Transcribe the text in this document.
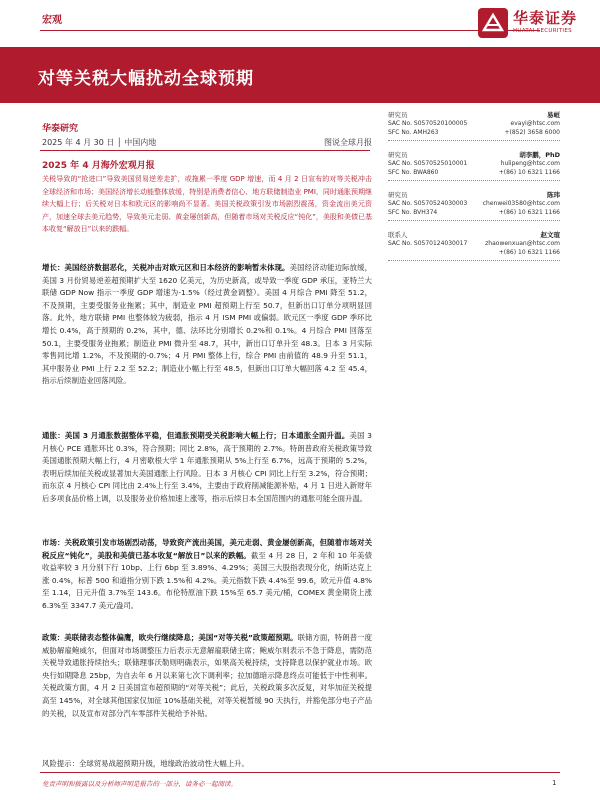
宏观	华泰证券
HUATAI SECURITIES
对等关税大幅扰动全球预期
华泰研究
2025 年 4 月 30 日 │ 中国内地	图说全球月报
2025 年 4 月海外宏观月报
关税导致的“抢进口”导致美国贸易逆差走扩，或拖累一季度 GDP 增速，而 4 月 2 日宣布的对等关税冲击全球经济和市场；美国经济增长动能整体放缓，特别是消费者信心、地方联储制造业 PMI，同时通胀预期继续大幅上行；后关税对日本和欧元区的影响尚不显著。美国关税政策引发市场剧烈震荡，资金流出美元资产，加速全球去美元趋势，导致美元走弱、黄金屡创新高，但随着市场对关税反应“钝化”，美股和美债已基本收复“解放日”以来的跌幅。
增长：美国经济数据恶化，关税冲击对欧元区和日本经济的影响暂未体现。美国经济动能边际放缓，美国 3 月份贸易逆差超预期扩大至 1620 亿美元，为历史新高，或导致一季度 GDP 承压，亚特兰大联储 GDP Now 指示一季度 GDP 增速为-1.5%（经过黄金调整）。美国 4 月综合 PMI 降至 51.2，不及预期，主要受服务业拖累；其中，制造业 PMI 超预期上行至 50.7，但新出口订单分项明显回落。此外，地方联储 PMI 也整体较为疲弱，指示 4 月 ISM PMI 或偏弱。欧元区一季度 GDP 季环比增长 0.4%，高于预期的 0.2%，其中，德、法环比分别增长 0.2%和 0.1%。4 月综合 PMI 回落至 50.1，主要受服务业拖累；制造业 PMI 微升至 48.7，其中，新出口订单升至 48.3。日本 3 月实际零售同比增 1.2%，不及预期的-0.7%；4 月 PMI 整体上行，综合 PMI 由前值的 48.9 升至 51.1，其中服务业 PMI 上行 2.2 至 52.2；制造业小幅上行至 48.5，但新出口订单大幅回落 4.2 至 45.4，指示后续制造业回落风险。
通胀：美国 3 月通胀数据整体平稳，但通胀预期受关税影响大幅上行；日本通胀全面升温。美国 3 月核心 PCE 通胀环比 0.3%，符合预期；同比 2.8%，高于预期的 2.7%。特朗普政府关税政策导致美国通胀预期大幅上行，4 月密歇根大学 1 年通胀预期从 5%上行至 6.7%，远高于预期的 5.2%，表明后续加征关税或显著加大美国通胀上行风险。日本 3 月核心 CPI 同比上行至 3.2%，符合预期；而东京 4 月核心 CPI 同比由 2.4%上行至 3.4%，主要由于政府削减能源补贴，4 月 1 日进入新财年后多项食品价格上调，以及服务业价格加速上涨等，指示后续日本全国范围内的通胀可能全面升温。
市场：关税政策引发市场剧烈动荡，导致资产流出美国，美元走弱、黄金屡创新高，但随着市场对关税反应“钝化”，美股和美债已基本收复“解放日”以来的跌幅。截至 4 月 28 日，2 年和 10 年美债收益率较 3 月分别下行 10bp、上行 6bp 至 3.89%、4.29%；美国三大股指表现分化，纳斯达克上涨 0.4%，标普 500 和道指分别下跌 1.5%和 4.2%。美元指数下跌 4.4%至 99.6，欧元升值 4.8%至 1.14，日元升值 3.7%至 143.6。布伦特原油下跌 15%至 65.7 美元/桶，COMEX 黄金期货上涨 6.3%至 3347.7 美元/盎司。
政策：美联储表态整体偏鹰，欧央行继续降息；美国“对等关税”政策超预期。联储方面，特朗普一度威胁解雇鲍威尔，但面对市场调整压力后表示无意解雇联储主席；鲍威尔则表示不急于降息，需防范关税导致通胀持续抬头；联储理事沃勒则明确表示，如果高关税持续，支持降息以保护就业市场。欧央行如期降息 25bp，为自去年 6 月以来第七次下调利率；拉加德暗示降息终点可能低于中性利率。关税政策方面，4 月 2 日美国宣布超预期的“对等关税”；此后，关税政策多次反复，对华加征关税提高至 145%，对全球其他国家仅加征 10%基础关税，对等关税暂缓 90 天执行，并豁免部分电子产品的关税，以及宣布对部分汽车零部件关税给予补贴。
风险提示：全球贸易战超预期升级，地缘政治波动性大幅上升。
研究员	易峘
SAC No. S0570520100005	evayi@htsc.com
SFC No. AMH263	+(852) 3658 6000
研究员	胡李鹏，PhD
SAC No. S0570525010001	hulipeng@htsc.com
SFC No. BWA860	+(86) 10 6321 1166
研究员	陈玮
SAC No. S0570524030003	chenwei03580@htsc.com
SFC No. BVH374	+(86) 10 6321 1166
联系人	赵文瑄
SAC No. S0570124030017	zhaowenxuan@htsc.com
+(86) 10 6321 1166
免责声明和披露以及分析师声明是报告的一部分，请务必一起阅读。	1
